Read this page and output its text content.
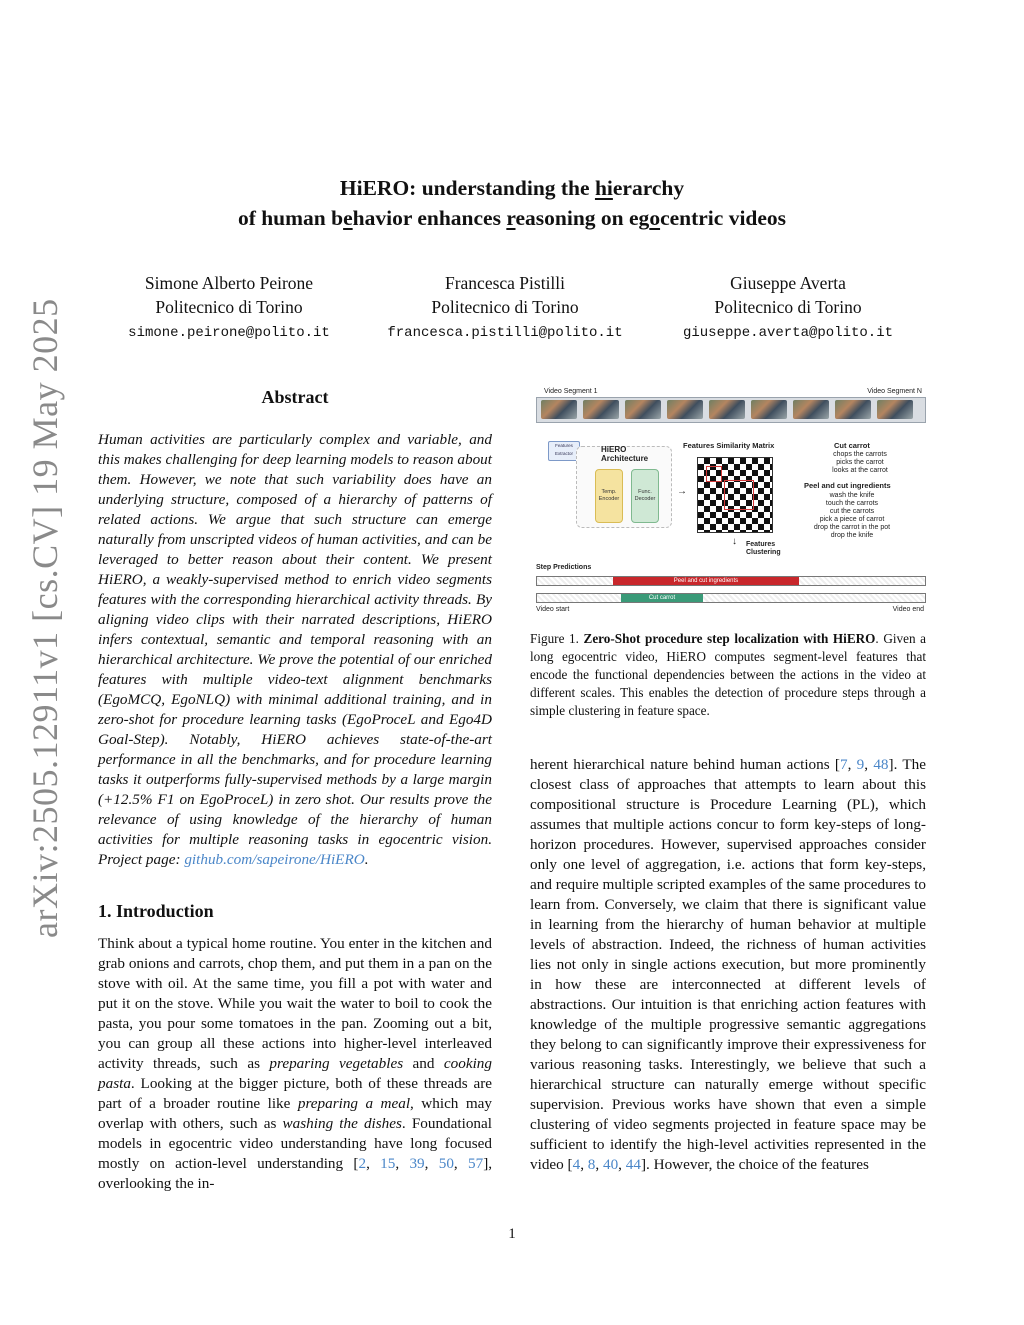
HiERO: understanding the hierarchy
of human behavior enhances reasoning on egocentric videos
Simone Alberto Peirone
Politecnico di Torino
simone.peirone@polito.it
Francesca Pistilli
Politecnico di Torino
francesca.pistilli@polito.it
Giuseppe Averta
Politecnico di Torino
giuseppe.averta@polito.it
arXiv:2505.12911v1 [cs.CV] 19 May 2025	Abstract

Human activities are particularly complex and variable, and this makes challenging for deep learning models to reason about them. However, we note that such variability does have an underlying structure, composed of a hierarchy of patterns of related actions. We argue that such structure can emerge naturally from unscripted videos of human activities, and can be leveraged to better reason about their content. We present HiERO, a weakly-supervised method to enrich video segments features with the corresponding hierarchical activity threads. By aligning video clips with their narrated descriptions, HiERO infers contextual, semantic and temporal reasoning with an hierarchical architecture. We prove the potential of our enriched features with multiple video-text alignment benchmarks (EgoMCQ, EgoNLQ) with minimal additional training, and in zero-shot for procedure learning tasks (EgoProceL and Ego4D Goal-Step). Notably, HiERO achieves state-of-the-art performance in all the benchmarks, and for procedure learning tasks it outperforms fully-supervised methods by a large margin (+12.5% F1 on EgoProceL) in zero shot. Our results prove the relevance of using knowledge of the hierarchy of human activities for multiple reasoning tasks in egocentric vision. Project page: github.com/sapeirone/HiERO.

1. Introduction

Think about a typical home routine. You enter in the kitchen and grab onions and carrots, chop them, and put them in a pan on the stove with oil. At the same time, you fill a pot with water and put it on the stove. While you wait the water to boil to cook the pasta, you pour some tomatoes in the pan. Zooming out a bit, you can group all these actions into higher-level interleaved activity threads, such as preparing vegetables and cooking pasta. Looking at the bigger picture, both of these threads are part of a broader routine like preparing a meal, which may overlap with others, such as washing the dishes. Foundational models in egocentric video understanding have long focused mostly on action-level understanding [2, 15, 39, 50, 57], overlooking the in-

Video Segment 1	Video Segment N
Features Extractor	HiERO Architecture
Temp. Encoder
Func. Decoder
→
Features Similarity Matrix	Cut carrot
chops the carrots
picks the carrot
looks at the carrot
Peel and cut ingredients
wash the knife
touch the carrots
cut the carrots
pick a piece of carrot
drop the carrot in the pot
drop the knife
↓ Features Clustering
Step Predictions
Peel and cut ingredients
Cut carrot
Video start	Video end
Figure 1. Zero-Shot procedure step localization with HiERO. Given a long egocentric video, HiERO computes segment-level features that encode the functional dependencies between the actions in the video at different scales. This enables the detection of procedure steps through a simple clustering in feature space.

herent hierarchical nature behind human actions [7, 9, 48]. The closest class of approaches that attempts to learn about this compositional structure is Procedure Learning (PL), which assumes that multiple actions concur to form key-steps of long-horizon procedures. However, supervised approaches consider only one level of aggregation, i.e. actions that form key-steps, and require multiple scripted examples of the same procedures to learn from. Conversely, we claim that there is significant value in learning from the hierarchy of human behavior at multiple levels of abstraction. Indeed, the richness of human activities lies not only in single actions execution, but more prominently in how these are interconnected at different levels of abstractions. Our intuition is that enriching action features with knowledge of the multiple progressive semantic aggregations they belong to can significantly improve their expressiveness for various reasoning tasks. Interestingly, we believe that such a hierarchical structure can naturally emerge without specific supervision. Previous works have shown that even a simple clustering of video segments projected in feature space may be sufficient to identify the high-level activities represented in the video [4, 8, 40, 44]. However, the choice of the features

1
